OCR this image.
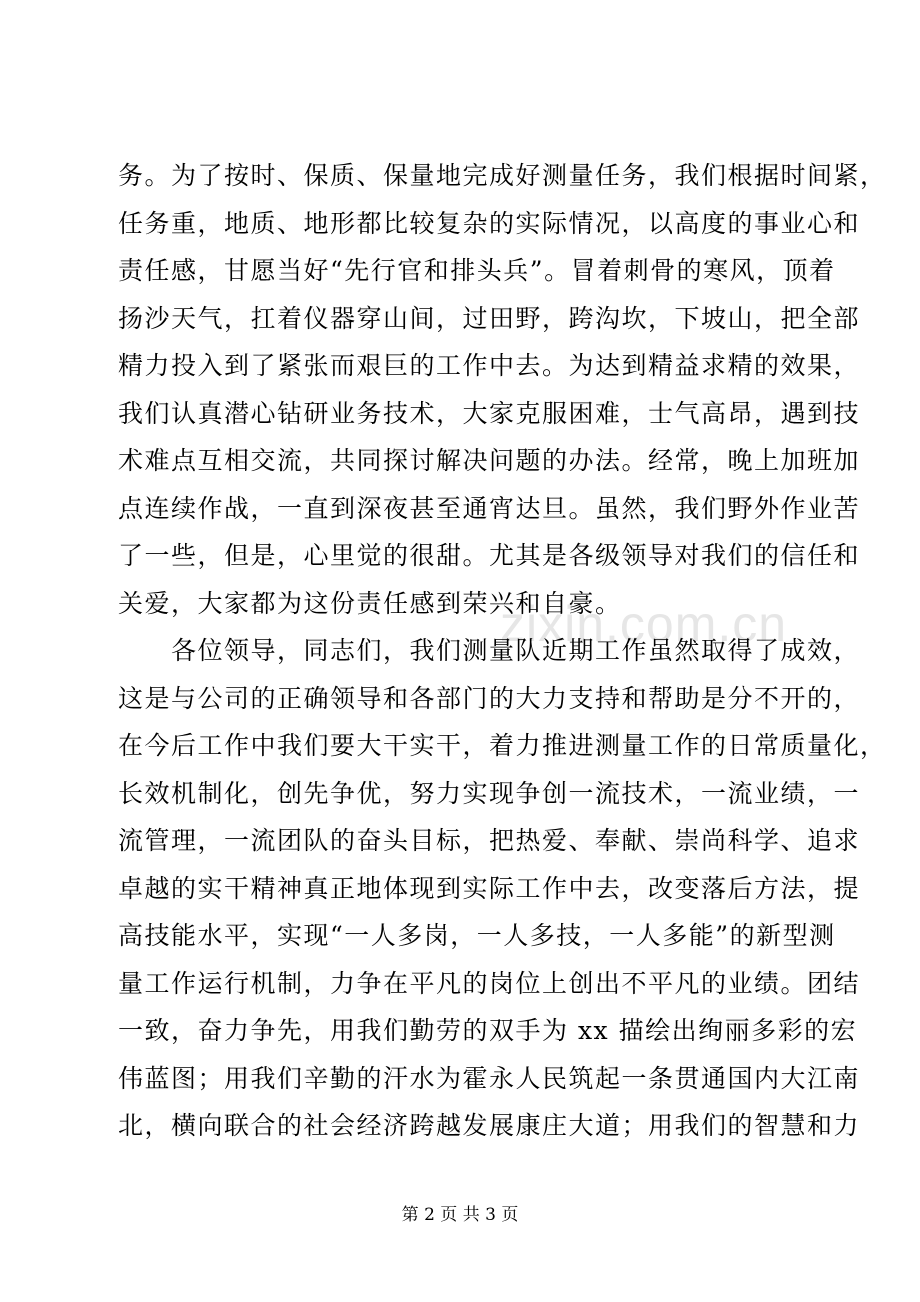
zixin.com.cn
务。为了按时、保质、保量地完成好测量任务，我们根据时间紧，
任务重，地质、地形都比较复杂的实际情况，以高度的事业心和
责任感，甘愿当好“先行官和排头兵”。冒着刺骨的寒风，顶着
扬沙天气，扛着仪器穿山间，过田野，跨沟坎，下坡山，把全部
精力投入到了紧张而艰巨的工作中去。为达到精益求精的效果，
我们认真潜心钻研业务技术，大家克服困难，士气高昂，遇到技
术难点互相交流，共同探讨解决问题的办法。经常，晚上加班加
点连续作战，一直到深夜甚至通宵达旦。虽然，我们野外作业苦
了一些，但是，心里觉的很甜。尤其是各级领导对我们的信任和
关爱，大家都为这份责任感到荣兴和自豪。
　　各位领导，同志们，我们测量队近期工作虽然取得了成效，
这是与公司的正确领导和各部门的大力支持和帮助是分不开的，
在今后工作中我们要大干实干，着力推进测量工作的日常质量化，
长效机制化，创先争优，努力实现争创一流技术，一流业绩，一
流管理，一流团队的奋头目标，把热爱、奉献、崇尚科学、追求
卓越的实干精神真正地体现到实际工作中去，改变落后方法，提
高技能水平，实现“一人多岗，一人多技，一人多能”的新型测
量工作运行机制，力争在平凡的岗位上创出不平凡的业绩。团结
一致，奋力争先，用我们勤劳的双手为 xx 描绘出绚丽多彩的宏
伟蓝图；用我们辛勤的汗水为霍永人民筑起一条贯通国内大江南
北，横向联合的社会经济跨越发展康庄大道；用我们的智慧和力
第 2 页 共 3 页
